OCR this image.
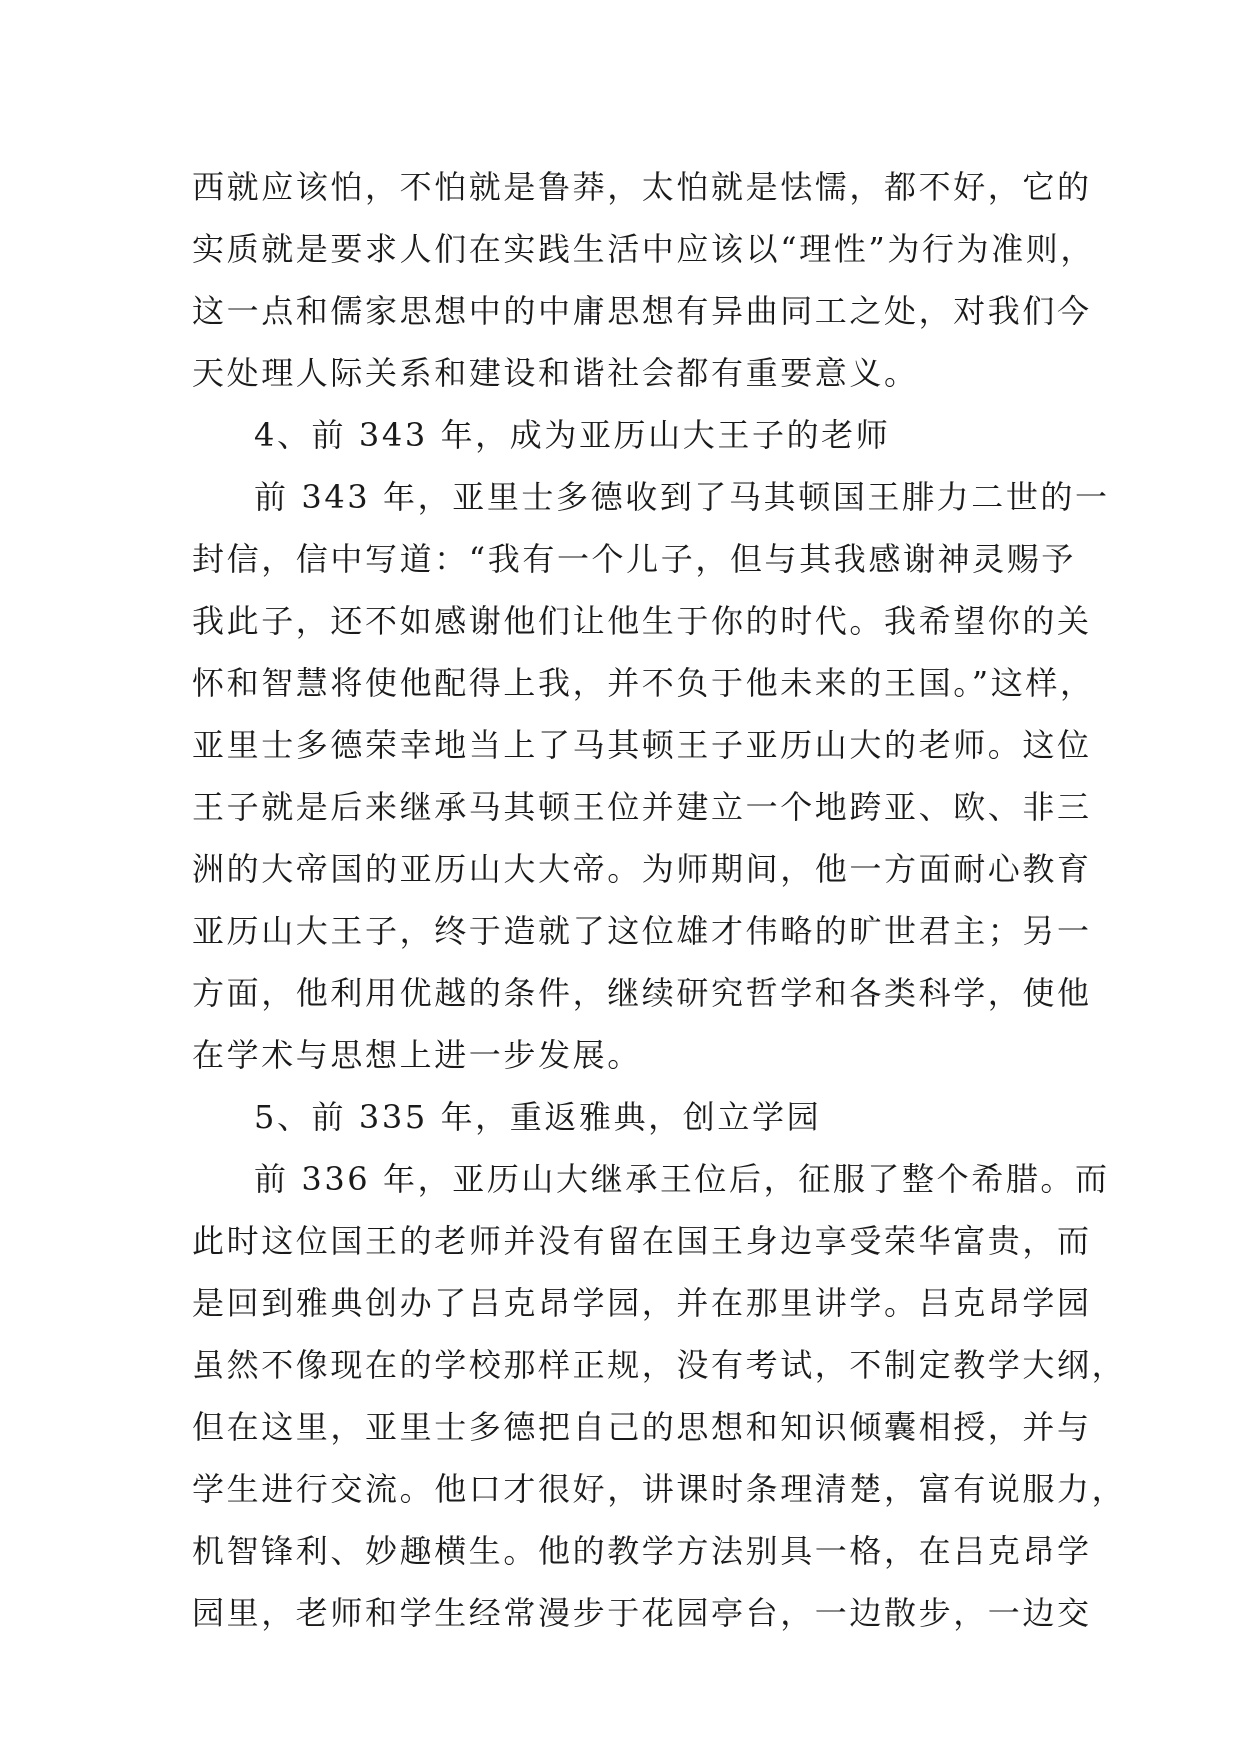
西就应该怕，不怕就是鲁莽，太怕就是怯懦，都不好，它的
实质就是要求人们在实践生活中应该以“理性”为行为准则，
这一点和儒家思想中的中庸思想有异曲同工之处，对我们今
天处理人际关系和建设和谐社会都有重要意义。
4、前 343 年，成为亚历山大王子的老师
前 343 年，亚里士多德收到了马其顿国王腓力二世的一
封信，信中写道：“我有一个儿子，但与其我感谢神灵赐予
我此子，还不如感谢他们让他生于你的时代。我希望你的关
怀和智慧将使他配得上我，并不负于他未来的王国。”这样，
亚里士多德荣幸地当上了马其顿王子亚历山大的老师。这位
王子就是后来继承马其顿王位并建立一个地跨亚、欧、非三
洲的大帝国的亚历山大大帝。为师期间，他一方面耐心教育
亚历山大王子，终于造就了这位雄才伟略的旷世君主；另一
方面，他利用优越的条件，继续研究哲学和各类科学，使他
在学术与思想上进一步发展。
5、前 335 年，重返雅典，创立学园
前 336 年，亚历山大继承王位后，征服了整个希腊。而
此时这位国王的老师并没有留在国王身边享受荣华富贵，而
是回到雅典创办了吕克昂学园，并在那里讲学。吕克昂学园
虽然不像现在的学校那样正规，没有考试，不制定教学大纲，
但在这里，亚里士多德把自己的思想和知识倾囊相授，并与
学生进行交流。他口才很好，讲课时条理清楚，富有说服力，
机智锋利、妙趣横生。他的教学方法别具一格，在吕克昂学
园里，老师和学生经常漫步于花园亭台，一边散步，一边交
